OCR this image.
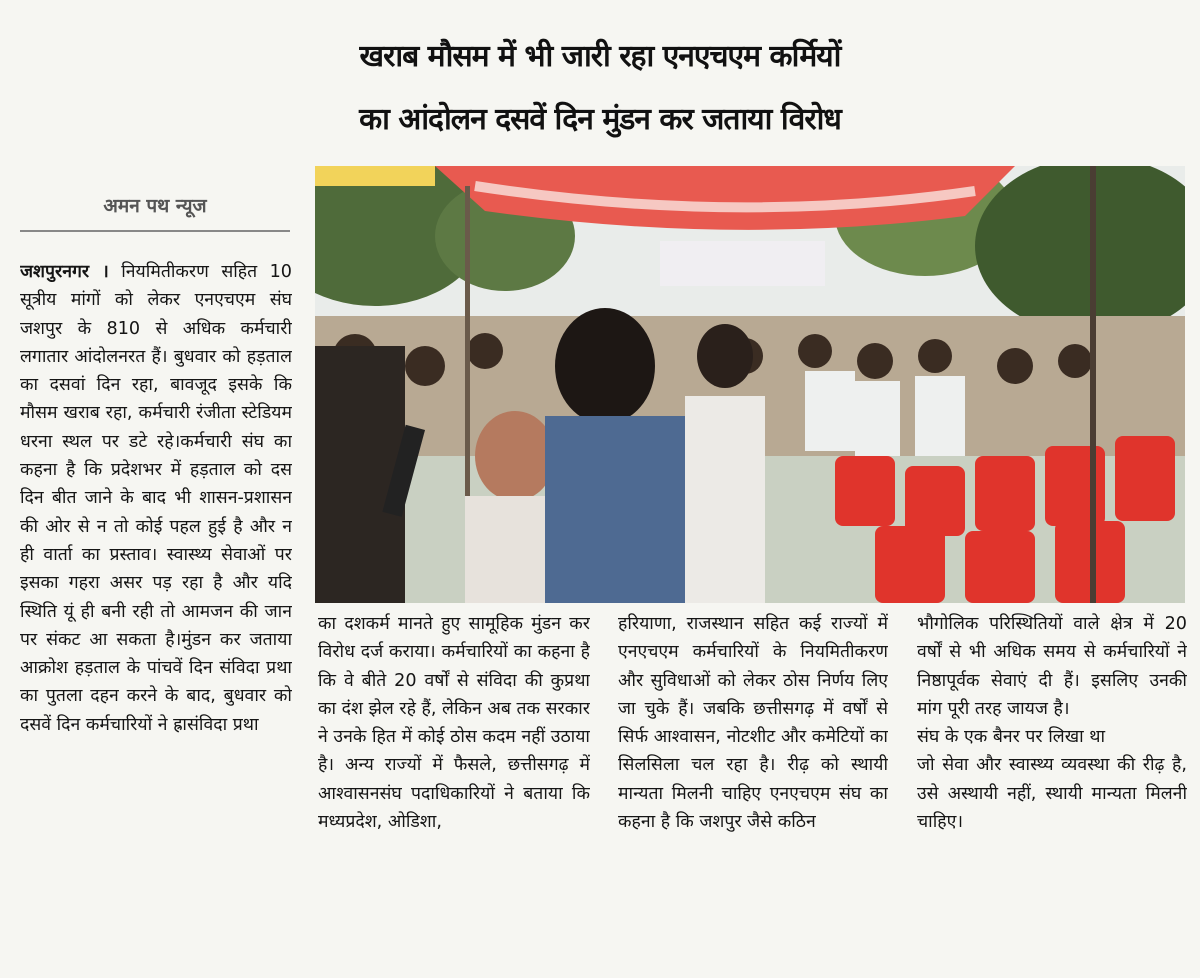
खराब मौसम में भी जारी रहा एनएचएम कर्मियों
का आंदोलन दसवें दिन मुंडन कर जताया विरोध
अमन पथ न्यूज

जशपुरनगर । नियमितीकरण सहित 10 सूत्रीय मांगों को लेकर एनएचएम संघ जशपुर के 810 से अधिक कर्मचारी लगातार आंदोलनरत हैं। बुधवार को हड़ताल का दसवां दिन रहा, बावजूद इसके कि मौसम खराब रहा, कर्मचारी रंजीता स्टेडियम धरना स्थल पर डटे रहे।कर्मचारी संघ का कहना है कि प्रदेशभर में हड़ताल को दस दिन बीत जाने के बाद भी शासन-प्रशासन की ओर से न तो कोई पहल हुई है और न ही वार्ता का प्रस्ताव। स्वास्थ्य सेवाओं पर इसका गहरा असर पड़ रहा है और यदि स्थिति यूं ही बनी रही तो आमजन की जान पर संकट आ सकता है।मुंडन कर जताया आक्रोश हड़ताल के पांचवें दिन संविदा प्रथा का पुतला दहन करने के बाद, बुधवार को दसवें दिन कर्मचारियों ने ह्रासंविदा प्रथा

का दशकर्म मानते हुए सामूहिक मुंडन कर विरोध दर्ज कराया। कर्मचारियों का कहना है कि वे बीते 20 वर्षों से संविदा की कुप्रथा का दंश झेल रहे हैं, लेकिन अब तक सरकार ने उनके हित में कोई ठोस कदम नहीं उठाया है। अन्य राज्यों में फैसले, छत्तीसगढ़ में आश्वासनसंघ पदाधिकारियों ने बताया कि मध्यप्रदेश, ओडिशा,

हरियाणा, राजस्थान सहित कई राज्यों में एनएचएम कर्मचारियों के नियमितीकरण और सुविधाओं को लेकर ठोस निर्णय लिए जा चुके हैं। जबकि छत्तीसगढ़ में वर्षों से सिर्फ आश्वासन, नोटशीट और कमेटियों का सिलसिला चल रहा है। रीढ़ को स्थायी मान्यता मिलनी चाहिए एनएचएम संघ का कहना है कि जशपुर जैसे कठिन

भौगोलिक परिस्थितियों वाले क्षेत्र में 20 वर्षों से भी अधिक समय से कर्मचारियों ने निष्ठापूर्वक सेवाएं दी हैं। इसलिए उनकी मांग पूरी तरह जायज है।

संघ के एक बैनर पर लिखा था

जो सेवा और स्वास्थ्य व्यवस्था की रीढ़ है, उसे अस्थायी नहीं, स्थायी मान्यता मिलनी चाहिए।
